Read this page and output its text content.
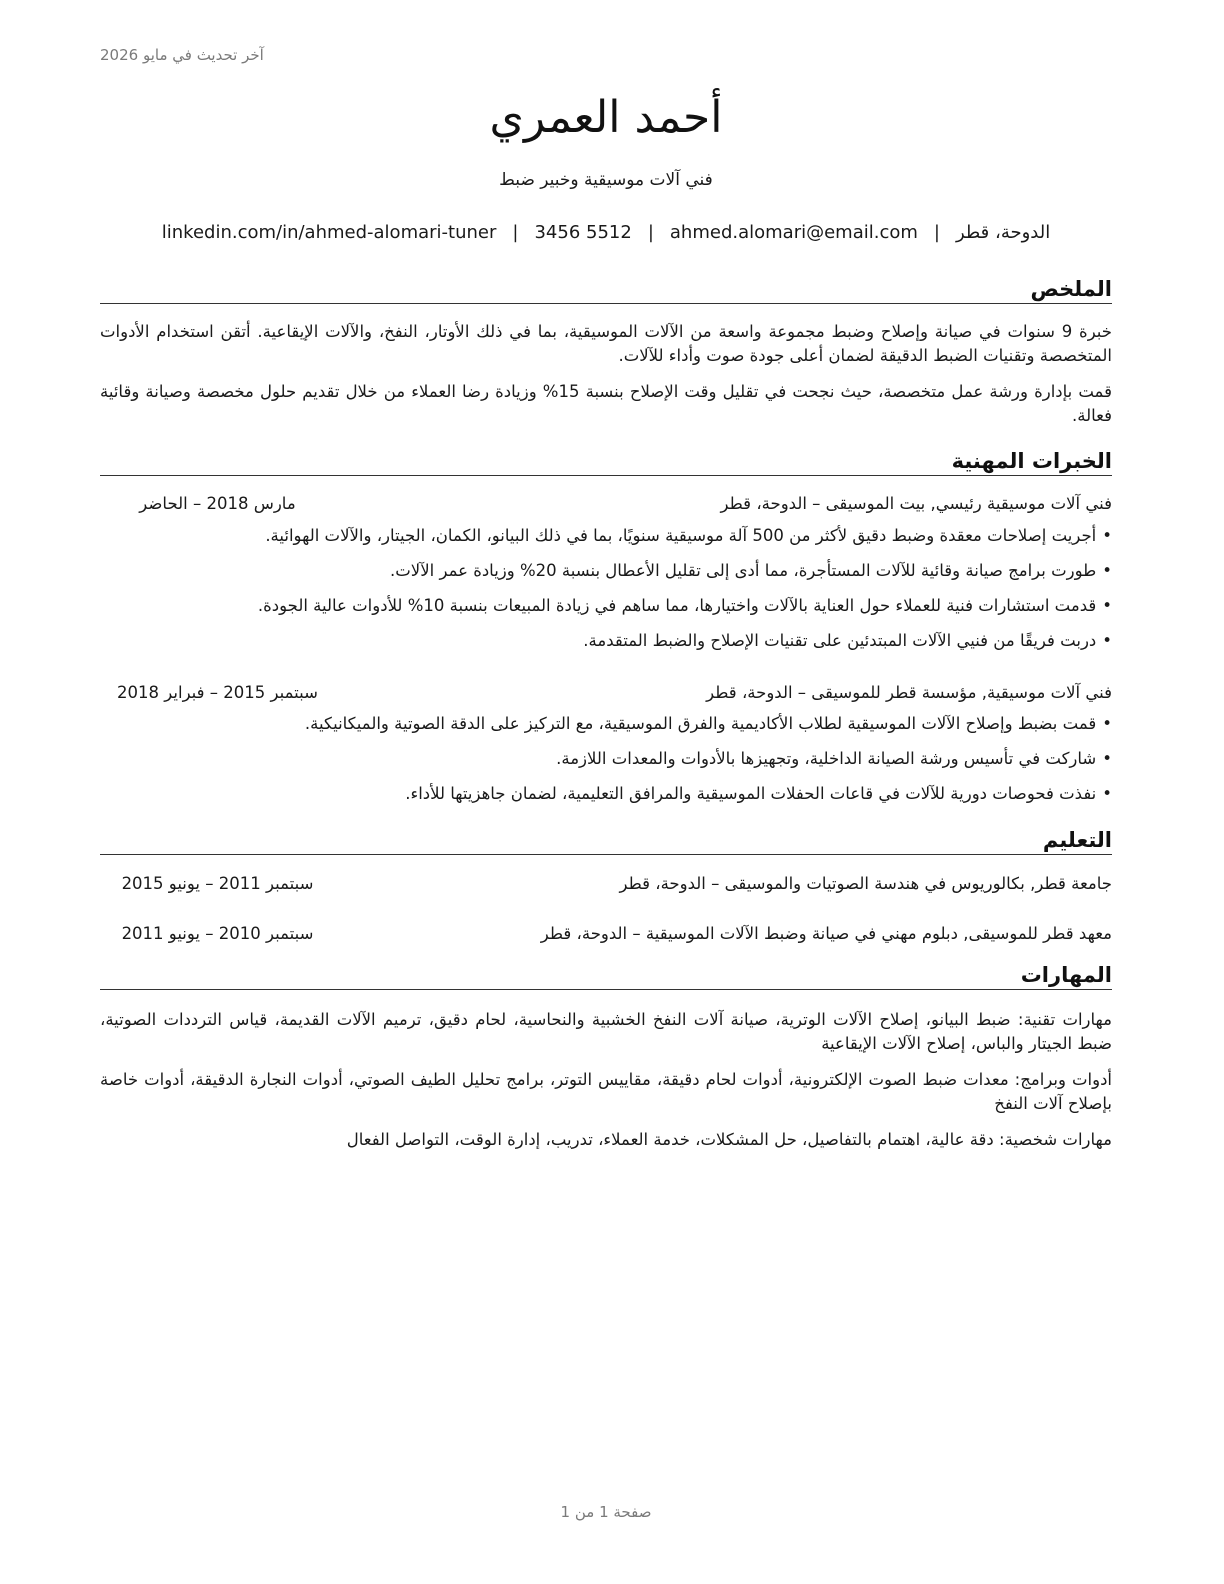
آخر تحديث في مايو 2026
أحمد العمري
فني آلات موسيقية وخبير ضبط
الدوحة، قطر|ahmed.alomari@email.com|3456 5512|linkedin.com/in/ahmed-alomari-tuner
الملخص

خبرة 9 سنوات في صيانة وإصلاح وضبط مجموعة واسعة من الآلات الموسيقية، بما في ذلك الأوتار، النفخ، والآلات الإيقاعية. أتقن استخدام الأدوات المتخصصة وتقنيات الضبط الدقيقة لضمان أعلى جودة صوت وأداء للآلات.

قمت بإدارة ورشة عمل متخصصة، حيث نجحت في تقليل وقت الإصلاح بنسبة 15% وزيادة رضا العملاء من خلال تقديم حلول مخصصة وصيانة وقائية فعالة.

الخبرات المهنية
فني آلات موسيقية رئيسي, بيت الموسيقى – الدوحة، قطر
مارس 2018 – الحاضر
•أجريت إصلاحات معقدة وضبط دقيق لأكثر من 500 آلة موسيقية سنويًا، بما في ذلك البيانو، الكمان، الجيتار، والآلات الهوائية.
•طورت برامج صيانة وقائية للآلات المستأجرة، مما أدى إلى تقليل الأعطال بنسبة 20% وزيادة عمر الآلات.
•قدمت استشارات فنية للعملاء حول العناية بالآلات واختيارها، مما ساهم في زيادة المبيعات بنسبة 10% للأدوات عالية الجودة.
•دربت فريقًا من فنيي الآلات المبتدئين على تقنيات الإصلاح والضبط المتقدمة.
فني آلات موسيقية, مؤسسة قطر للموسيقى – الدوحة، قطر
سبتمبر 2015 – فبراير 2018
•قمت بضبط وإصلاح الآلات الموسيقية لطلاب الأكاديمية والفرق الموسيقية، مع التركيز على الدقة الصوتية والميكانيكية.
•شاركت في تأسيس ورشة الصيانة الداخلية، وتجهيزها بالأدوات والمعدات اللازمة.
•نفذت فحوصات دورية للآلات في قاعات الحفلات الموسيقية والمرافق التعليمية، لضمان جاهزيتها للأداء.
التعليم
جامعة قطر, بكالوريوس في هندسة الصوتيات والموسيقى – الدوحة، قطر
سبتمبر 2011 – يونيو 2015
معهد قطر للموسيقى, دبلوم مهني في صيانة وضبط الآلات الموسيقية – الدوحة، قطر
سبتمبر 2010 – يونيو 2011
المهارات

مهارات تقنية: ضبط البيانو، إصلاح الآلات الوترية، صيانة آلات النفخ الخشبية والنحاسية، لحام دقيق، ترميم الآلات القديمة، قياس الترددات الصوتية، ضبط الجيتار والباس، إصلاح الآلات الإيقاعية

أدوات وبرامج: معدات ضبط الصوت الإلكترونية، أدوات لحام دقيقة، مقاييس التوتر، برامج تحليل الطيف الصوتي، أدوات النجارة الدقيقة، أدوات خاصة بإصلاح آلات النفخ

مهارات شخصية: دقة عالية، اهتمام بالتفاصيل، حل المشكلات، خدمة العملاء، تدريب، إدارة الوقت، التواصل الفعال

صفحة 1 من 1
